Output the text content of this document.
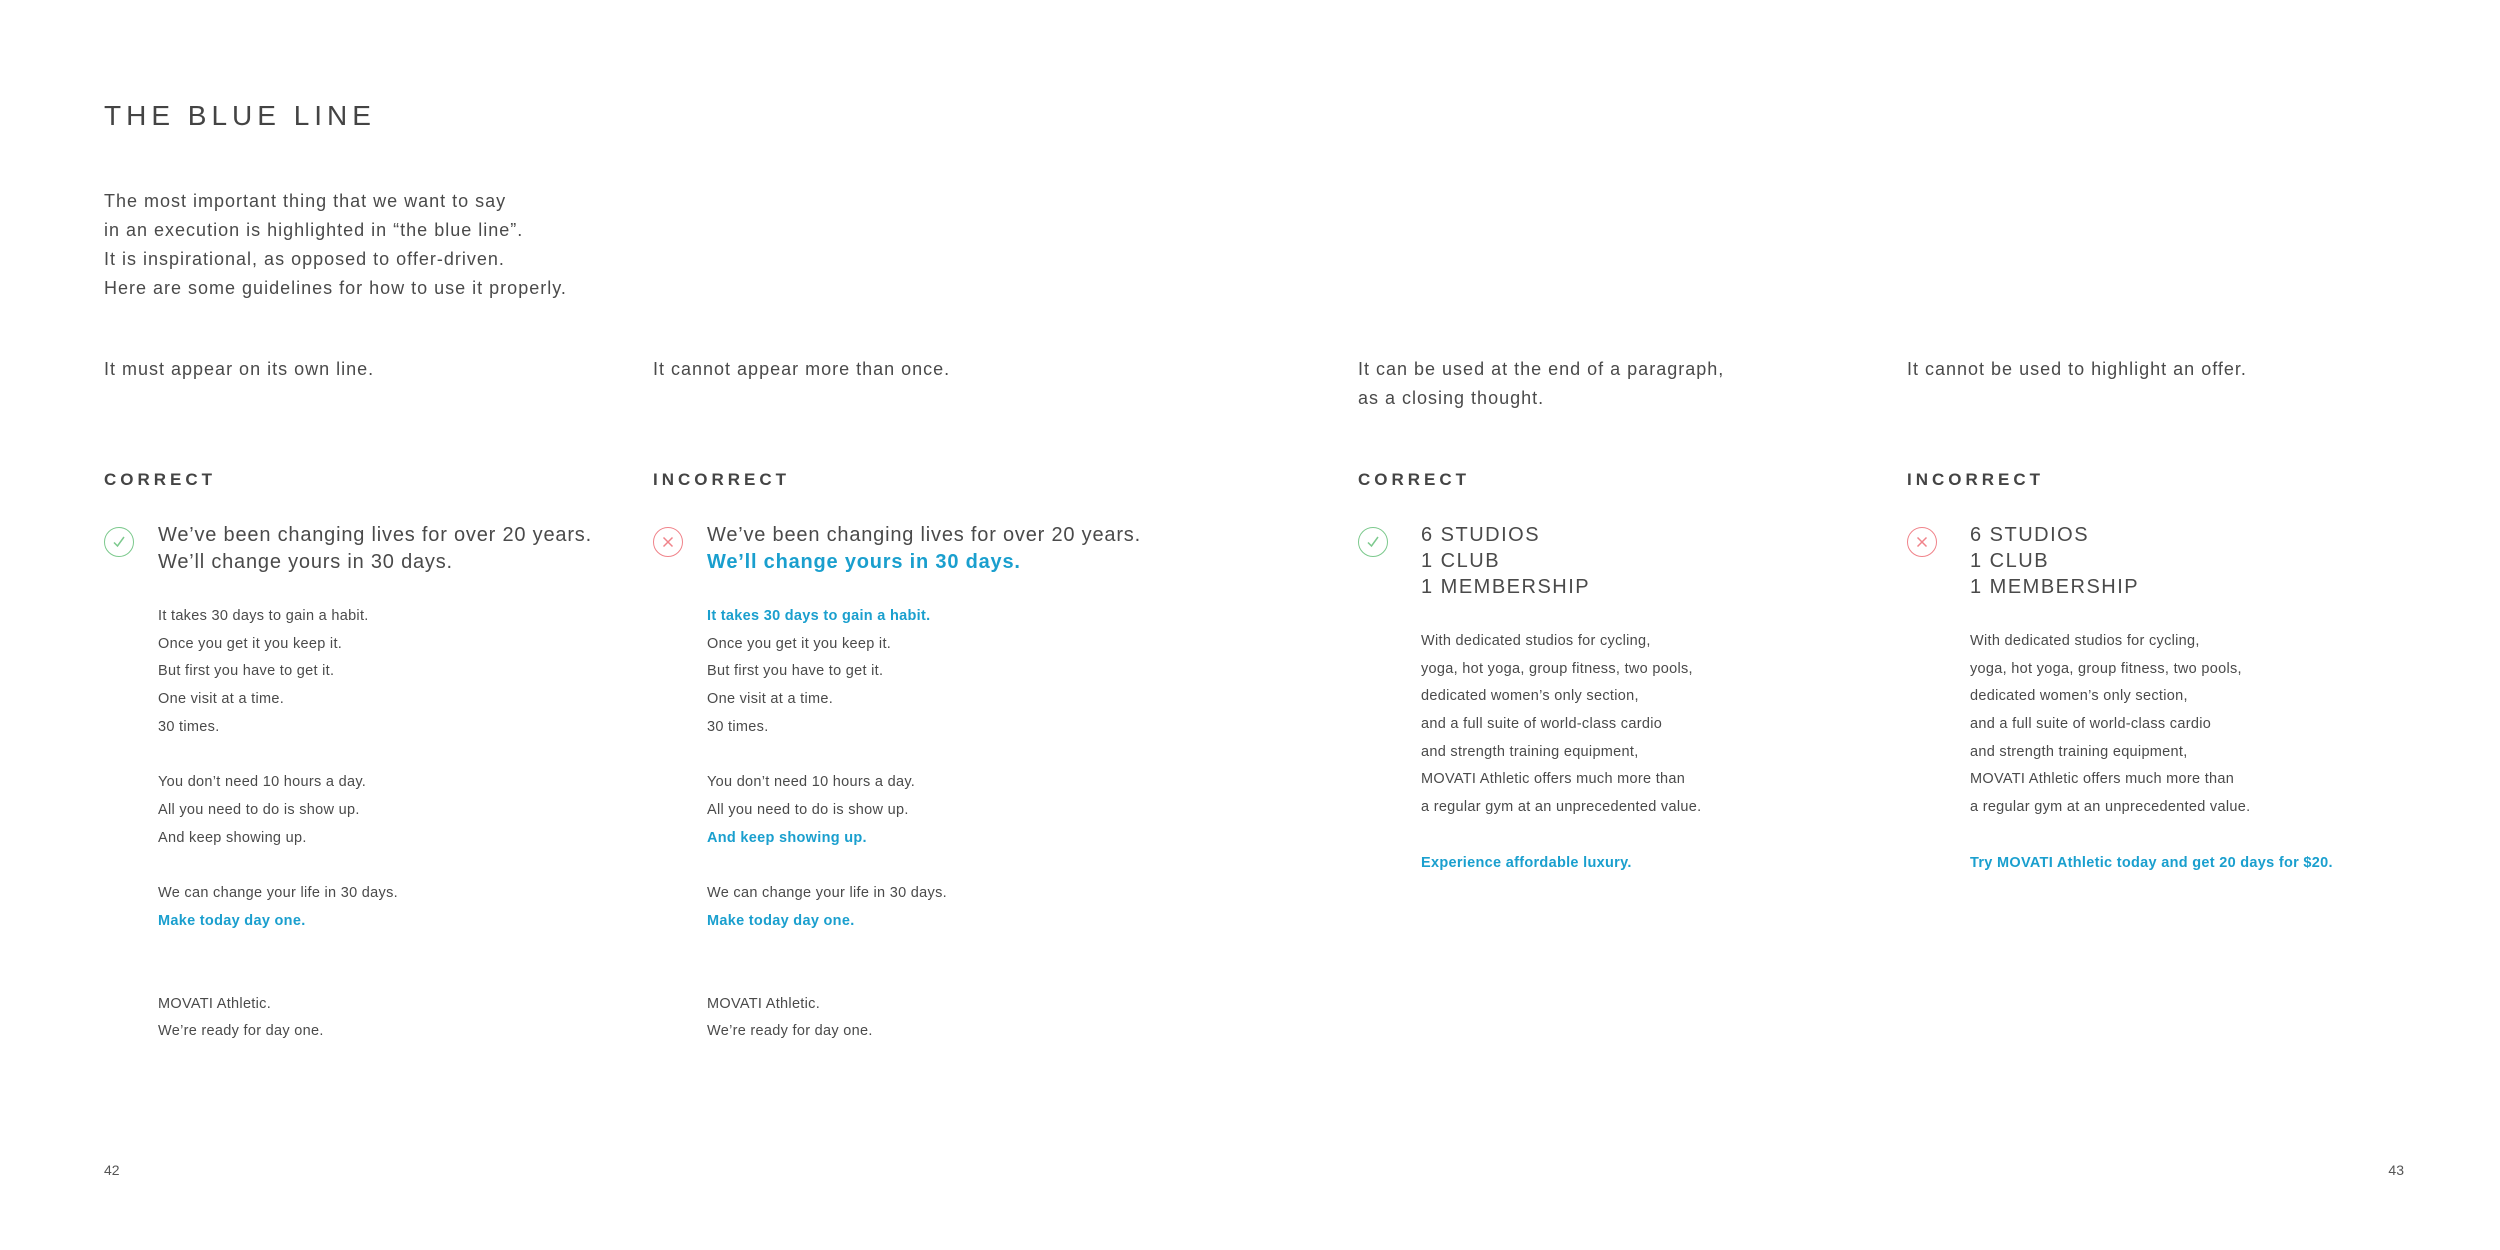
THE BLUE LINE
The most important thing that we want to say
in an execution is highlighted in “the blue line”.
It is inspirational, as opposed to offer-driven.
Here are some guidelines for how to use it properly.
It must appear on its own line.
CORRECT
We’ve been changing lives for over 20 years.
We’ll change yours in 30 days.
It takes 30 days to gain a habit.
Once you get it you keep it.
But first you have to get it.
One visit at a time.
30 times.
You don’t need 10 hours a day.
All you need to do is show up.
And keep showing up.
We can change your life in 30 days.
Make today day one.
MOVATI Athletic.
We’re ready for day one.
It cannot appear more than once.
INCORRECT
We’ve been changing lives for over 20 years.
We’ll change yours in 30 days.
It takes 30 days to gain a habit.
Once you get it you keep it.
But first you have to get it.
One visit at a time.
30 times.
You don’t need 10 hours a day.
All you need to do is show up.
And keep showing up.
We can change your life in 30 days.
Make today day one.
MOVATI Athletic.
We’re ready for day one.
It can be used at the end of a paragraph,
as a closing thought.
CORRECT
6 STUDIOS
1 CLUB
1 MEMBERSHIP
With dedicated studios for cycling,
yoga, hot yoga, group fitness, two pools,
dedicated women’s only section,
and a full suite of world-class cardio
and strength training equipment,
MOVATI Athletic offers much more than
a regular gym at an unprecedented value.
Experience affordable luxury.
It cannot be used to highlight an offer.
INCORRECT
6 STUDIOS
1 CLUB
1 MEMBERSHIP
With dedicated studios for cycling,
yoga, hot yoga, group fitness, two pools,
dedicated women’s only section,
and a full suite of world-class cardio
and strength training equipment,
MOVATI Athletic offers much more than
a regular gym at an unprecedented value.
Try MOVATI Athletic today and get 20 days for $20.
42	43
